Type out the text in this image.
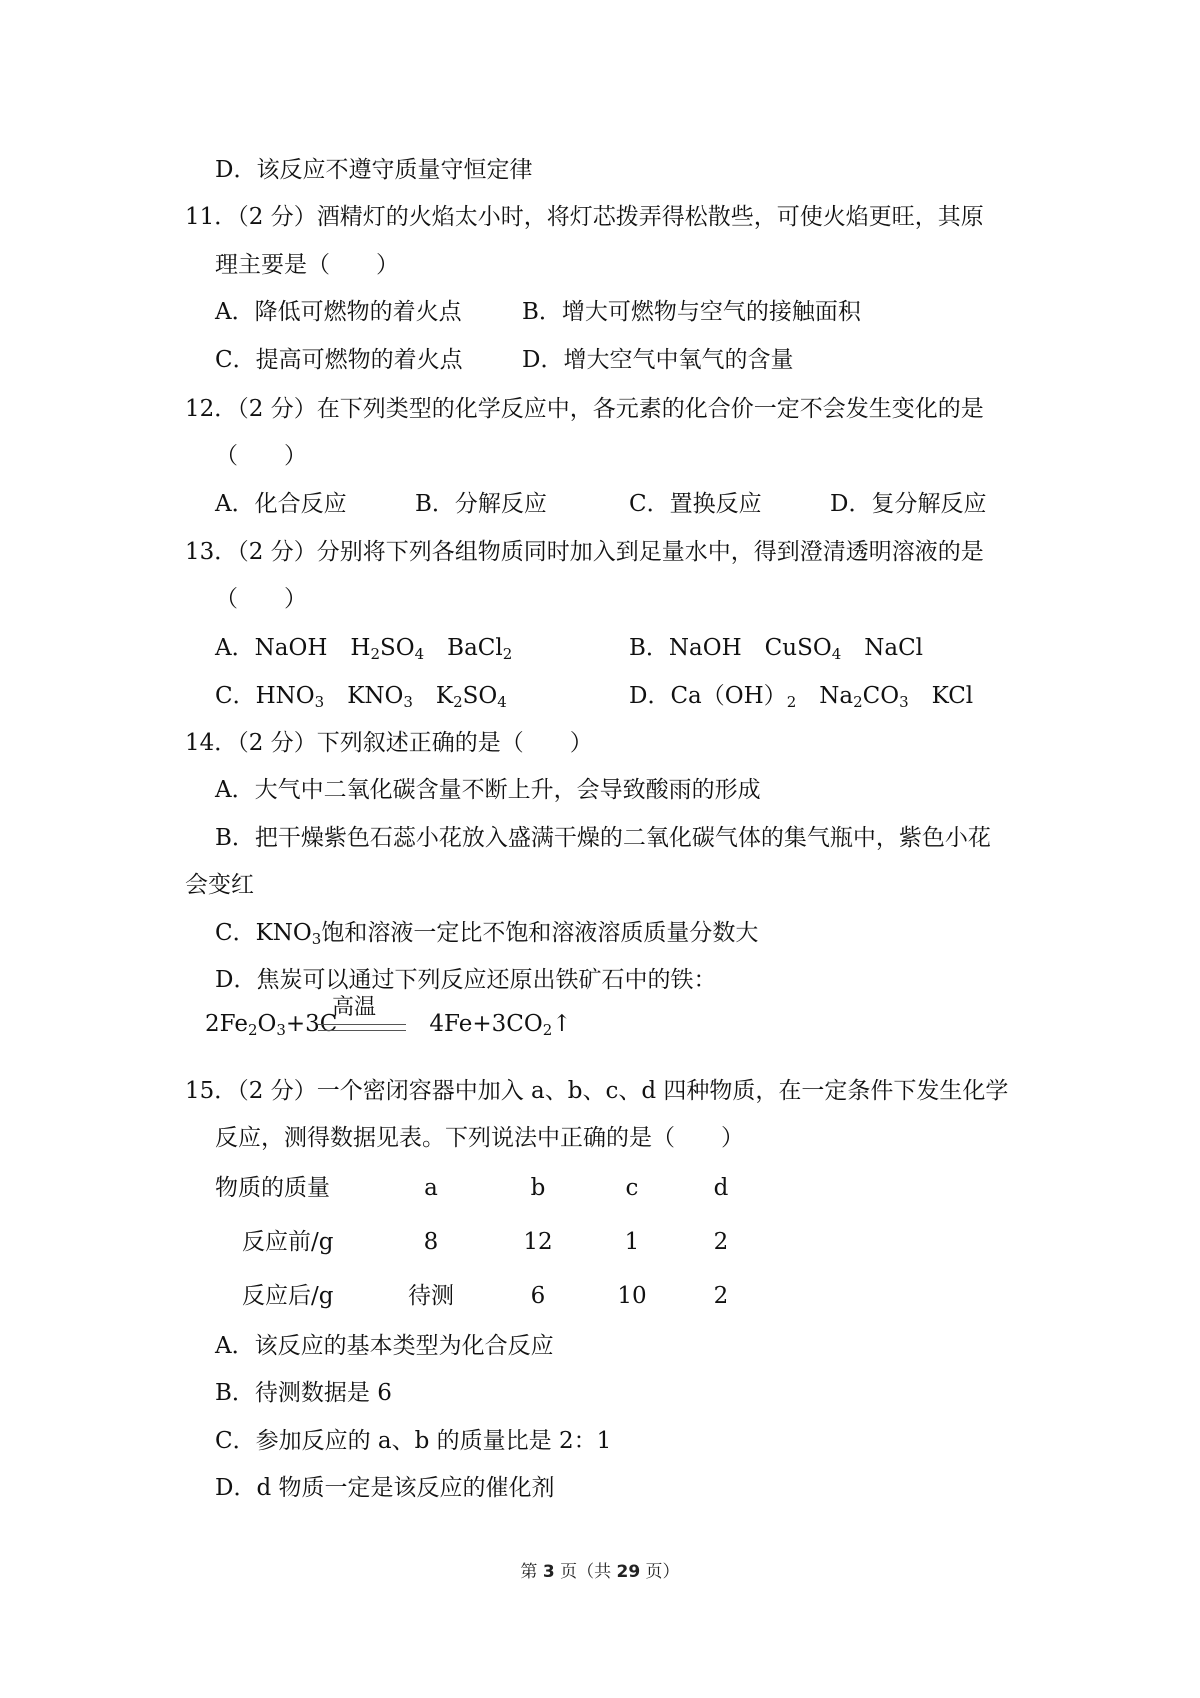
D．该反应不遵守质量守恒定律
11．（2 分）酒精灯的火焰太小时，将灯芯拨弄得松散些，可使火焰更旺，其原
理主要是（　　）
A．降低可燃物的着火点	B．增大可燃物与空气的接触面积
C．提高可燃物的着火点	D．增大空气中氧气的含量
12．（2 分）在下列类型的化学反应中，各元素的化合价一定不会发生变化的是
（　　）
A．化合反应	B．分解反应	C．置换反应	D．复分解反应
13．（2 分）分别将下列各组物质同时加入到足量水中，得到澄清透明溶液的是
（　　）
A．NaOH  $H_2SO_4$  BaCl$_2$	B．NaOH  CuSO$_4$  NaCl
C．$HNO_3$  $KNO_3$  $K_2SO_4$	D．$Ca(OH)_2$  $Na_2CO_3$  KCl
14．（2 分）下列叙述正确的是（　　）
A．大气中二氧化碳含量不断上升，会导致酸雨的形成
B．把干燥紫色石蕊小花放入盛满干燥的二氧化碳气体的集气瓶中，紫色小花
会变红
C．$KNO_3$饱和溶液一定比不饱和溶液溶质质量分数大
D．焦炭可以通过下列反应还原出铁矿石中的铁：
$2Fe_2O_3+3C$	$4Fe+3CO_2↑$
高温
15．（2 分）一个密闭容器中加入 a、b、c、d 四种物质，在一定条件下发生化学
反应，测得数据见表。下列说法中正确的是（　　）
物质的质量	a	b	c	d
反应前/g	8	12	1	2
反应后/g	待测	6	10	2
A．该反应的基本类型为化合反应
B．待测数据是 6
C．参加反应的 a、b 的质量比是 2：1
D．d 物质一定是该反应的催化剂
第 3 页（共 29 页）
